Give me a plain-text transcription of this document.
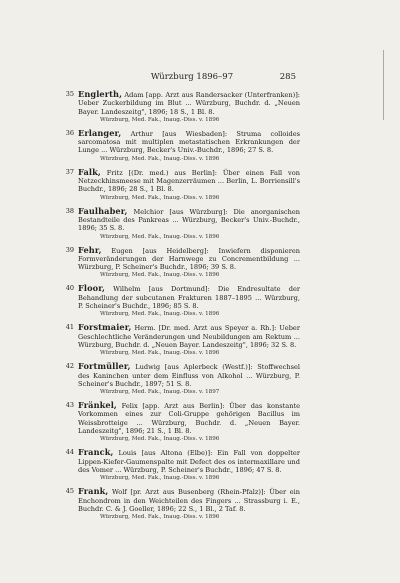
Würzburg 1896–97	285
35 Englerth, Adam [app. Arzt aus Randersacker (Unterfranken)]: Ueber Zuckerbildung im Blut ... Würzburg, Buchdr. d. „Neuen Bayer. Landeszeitg", 1896; 18 S., 1 Bl. 8.
Würzburg, Med. Fak., Inaug.-Diss. v. 1896
36 Erlanger, Arthur [aus Wiesbaden]: Struma colloides sarcomatosa mit multiplen metastatischen Erkrankungen der Lunge ... Würzburg, Becker's Univ.-Buchdr., 1896; 27 S. 8.
Würzburg, Med. Fak., Inaug.-Diss. v. 1896
37 Falk, Fritz [(Dr. med.) aus Berlin]: Über einen Fall von Netzeckhinsmeese mit Magenzerräumen ... Berlin, L. Borriensill's Buchdr., 1896; 28 S., 1 Bl. 8.
Würzburg, Med. Fak., Inaug.-Diss. v. 1896
38 Faulhaber, Melchior [aus Würzburg]: Die anorganischen Bestandteile des Pankreas ... Würzburg, Becker's Univ.-Buchdr., 1896; 35 S. 8.
Würzburg, Med. Fak., Inaug.-Diss. v. 1896
39 Fehr, Eugen [aus Heidelberg]: Inwiefern disponieren Formveränderungen der Harnwege zu Concrementbildung ... Würzburg, P. Scheiner's Buchdr., 1896; 39 S. 8.
Würzburg, Med. Fak., Inaug.-Diss. v. 1896
40 Floor, Wilhelm [aus Dortmund]: Die Endresultate der Behandlung der subcutanen Frakturen 1887–1895 ... Würzburg, P. Scheiner's Buchdr., 1896; 85 S. 8.
Würzburg, Med. Fak., Inaug.-Diss. v. 1896
41 Forstmaier, Herm. [Dr. med. Arzt aus Speyer a. Rh.]: Ueber Geschlechtliche Veränderungen und Neubildungen am Rektum ... Würzburg, Buchdr. d. „Neuen Bayer. Landeszeitg", 1896; 32 S. 8.
Würzburg, Med. Fak., Inaug.-Diss. v. 1896
42 Fortmüller, Ludwig [aus Aplerbeck (Westf.)]: Stoffwechsel des Kaninchen unter dem Einfluss von Alkohol ... Würzburg, P. Scheiner's Buchdr., 1897; 51 S. 8.
Würzburg, Med. Fak., Inaug.-Diss. v. 1897
43 Fränkel, Felix [app. Arzt aus Berlin]: Über das konstante Vorkommen eines zur Coli-Gruppe gehörigen Bacillus im Weissbrotteige ... Würzburg, Buchdr. d. „Neuen Bayer. Landeszeitg", 1896; 21 S., 1 Bl. 8.
Würzburg, Med. Fak., Inaug.-Diss. v. 1896
44 Franck, Louis [aus Altona (Elbe)]: Ein Fall von doppelter Lippen-Kiefer-Gaumenspalte mit Defect des os intermaxillare und des Vomer ... Würzburg, P. Scheiner's Buchdr., 1896; 47 S. 8.
Würzburg, Med. Fak., Inaug.-Diss. v. 1896
45 Frank, Wolf [pr. Arzt aus Busenberg (Rhein-Pfalz)]: Über ein Enchondrom in den Weichteilen des Fingers ... Strassburg i. E., Buchdr. C. & J. Goeller, 1896; 22 S., 1 Bl., 2 Taf. 8.
Würzburg, Med. Fak., Inaug.-Diss. v. 1896
